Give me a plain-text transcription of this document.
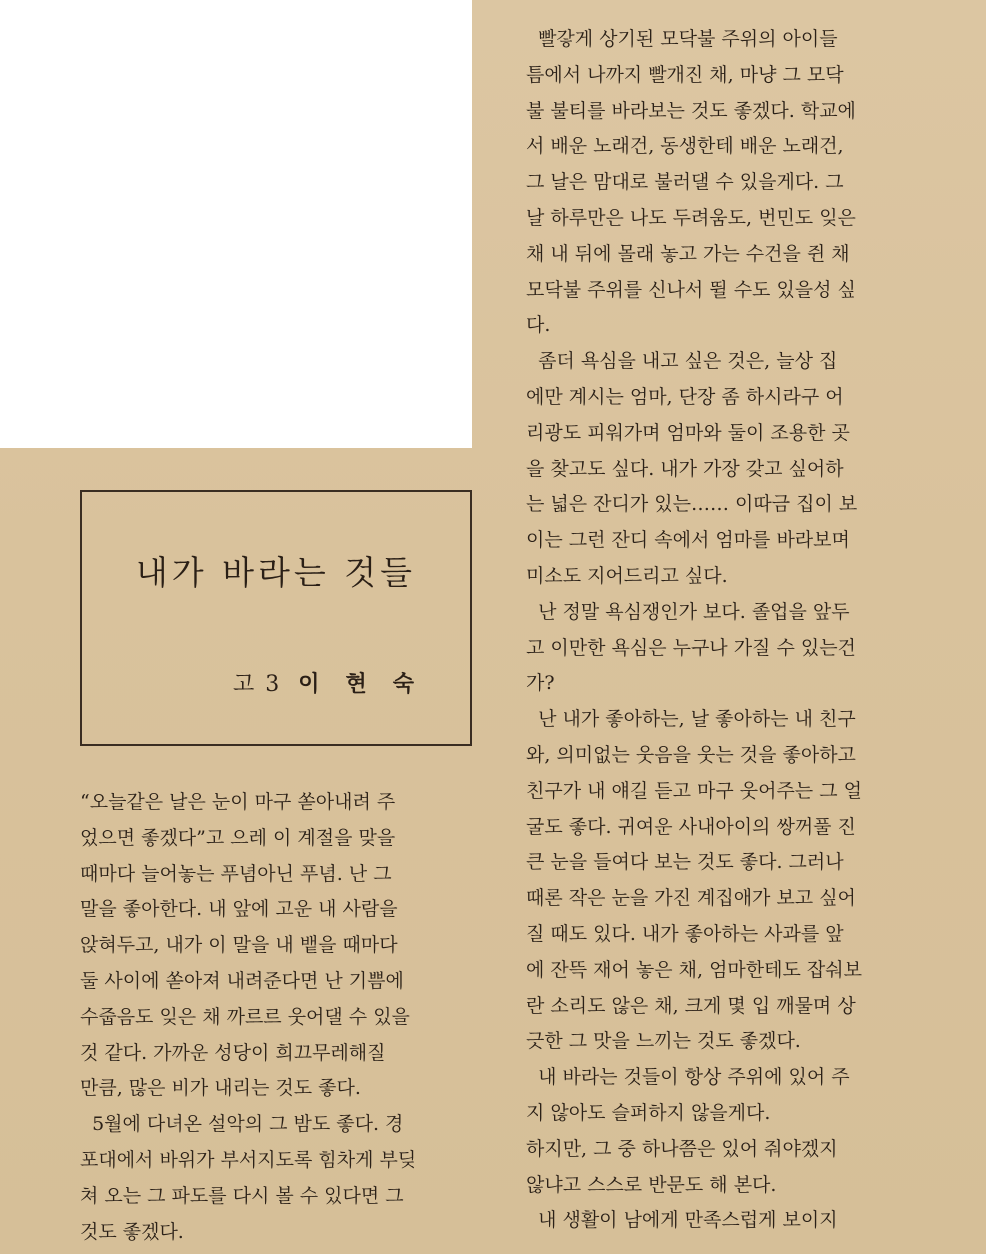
내가 바라는 것들
고 3 이현숙

“오늘같은 날은 눈이 마구 쏟아내려 주

었으면 좋겠다”고 으레 이 계절을 맞을

때마다 늘어놓는 푸념아닌 푸념. 난 그

말을 좋아한다. 내 앞에 고운 내 사람을

앉혀두고, 내가 이 말을 내 뱉을 때마다

둘 사이에 쏟아져 내려준다면 난 기쁨에

수줍음도 잊은 채 까르르 웃어댈 수 있을

것 같다. 가까운 성당이 희끄무레해질

만큼, 많은 비가 내리는 것도 좋다.

5월에 다녀온 설악의 그 밤도 좋다. 경

포대에서 바위가 부서지도록 힘차게 부딪

쳐 오는 그 파도를 다시 볼 수 있다면 그

것도 좋겠다.

빨갛게 상기된 모닥불 주위의 아이들

틈에서 나까지 빨개진 채, 마냥 그 모닥

불 불티를 바라보는 것도 좋겠다. 학교에

서 배운 노래건, 동생한테 배운 노래건,

그 날은 맘대로 불러댈 수 있을게다. 그

날 하루만은 나도 두려움도, 번민도 잊은

채 내 뒤에 몰래 놓고 가는 수건을 쥔 채

모닥불 주위를 신나서 뛸 수도 있을성 싶

다.

좀더 욕심을 내고 싶은 것은, 늘상 집

에만 계시는 엄마, 단장 좀 하시라구 어

리광도 피워가며 엄마와 둘이 조용한 곳

을 찾고도 싶다. 내가 가장 갖고 싶어하

는 넓은 잔디가 있는…… 이따금 집이 보

이는 그런 잔디 속에서 엄마를 바라보며

미소도 지어드리고 싶다.

난 정말 욕심쟁인가 보다. 졸업을 앞두

고 이만한 욕심은 누구나 가질 수 있는건

가?

난 내가 좋아하는, 날 좋아하는 내 친구

와, 의미없는 웃음을 웃는 것을 좋아하고

친구가 내 얘길 듣고 마구 웃어주는 그 얼

굴도 좋다. 귀여운 사내아이의 쌍꺼풀 진

큰 눈을 들여다 보는 것도 좋다. 그러나

때론 작은 눈을 가진 계집애가 보고 싶어

질 때도 있다. 내가 좋아하는 사과를 앞

에 잔뜩 재어 놓은 채, 엄마한테도 잡숴보

란 소리도 않은 채, 크게 몇 입 깨물며 상

긋한 그 맛을 느끼는 것도 좋겠다.

내 바라는 것들이 항상 주위에 있어 주

지 않아도 슬퍼하지 않을게다.

하지만, 그 중 하나쯤은 있어 줘야겠지

않냐고 스스로 반문도 해 본다.

내 생활이 남에게 만족스럽게 보이지
